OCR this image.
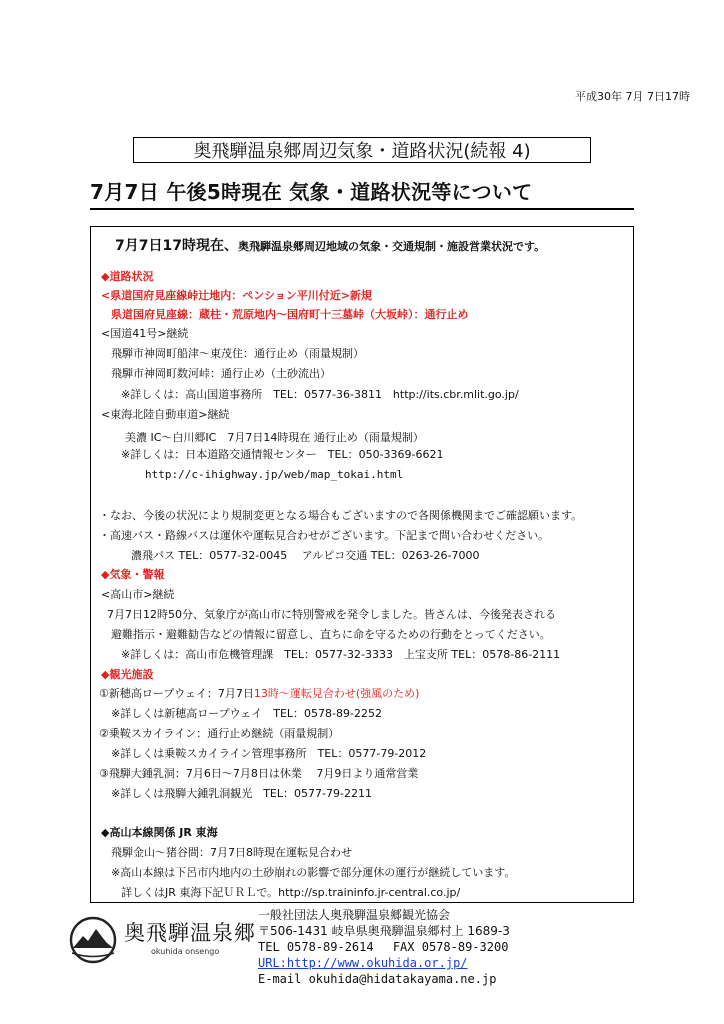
平成30年 7月 7日17時
奥飛騨温泉郷周辺気象・道路状況(続報 4)
7月7日 午後5時現在 気象・道路状況等について
7月7日17時現在、奥飛騨温泉郷周辺地域の気象・交通規制・施設営業状況です。
◆道路状況
<県道国府見座線峠辻地内：ペンション平川付近>新規
県道国府見座線：蔵柱・荒原地内～国府町十三墓峠（大坂峠）：通行止め
<国道41号>継続
飛騨市神岡町船津～東茂住：通行止め（雨量規制）
飛騨市神岡町数河峠：通行止め（土砂流出）
※詳しくは：高山国道事務所　TEL：0577-36-3811　http://its.cbr.mlit.go.jp/
<東海北陸自動車道>継続
美濃 IC～白川郷IC　7月7日14時現在 通行止め（雨量規制）
※詳しくは：日本道路交通情報センター　TEL：050-3369-6621
http://c-ihighway.jp/web/map_tokai.html
・なお、今後の状況により規制変更となる場合もございますので各関係機関までご確認願います。
・高速バス・路線バスは運休や運転見合わせがございます。下記まで問い合わせください。
濃飛バス TEL：0577-32-0045　 アルピコ交通 TEL：0263-26-7000
◆気象・警報
<高山市>継続
7月7日12時50分、気象庁が高山市に特別警戒を発令しました。皆さんは、今後発表される
避難指示・避難勧告などの情報に留意し、直ちに命を守るための行動をとってください。
※詳しくは：高山市危機管理課　TEL：0577-32-3333　上宝支所 TEL：0578-86-2111
◆観光施設
①新穂高ロープウェイ：7月7日13時～運転見合わせ(強風のため)
※詳しくは新穂高ロープウェイ　TEL：0578-89-2252
②乗鞍スカイライン：通行止め継続（雨量規制）
※詳しくは乗鞍スカイライン管理事務所　TEL：0577-79-2012
③飛騨大鍾乳洞：7月6日～7月8日は休業　 7月9日より通常営業
※詳しくは飛騨大鍾乳洞観光　TEL：0577-79-2211
◆高山本線関係 JR 東海
飛騨金山～猪谷間：7月7日8時現在運転見合わせ
※高山本線は下呂市内地内の土砂崩れの影響で部分運休の運行が継続しています。
詳しくはJR 東海下記ＵＲＬで。http://sp.traininfo.jr-central.co.jp/
奥飛騨温泉郷
okuhida onsengo
一般社団法人奥飛騨温泉郷観光協会
〒506-1431 岐阜県奥飛騨温泉郷村上 1689-3
TEL 0578-89-2614　 FAX 0578-89-3200
URL:http://www.okuhida.or.jp/
E-mail okuhida@hidatakayama.ne.jp
